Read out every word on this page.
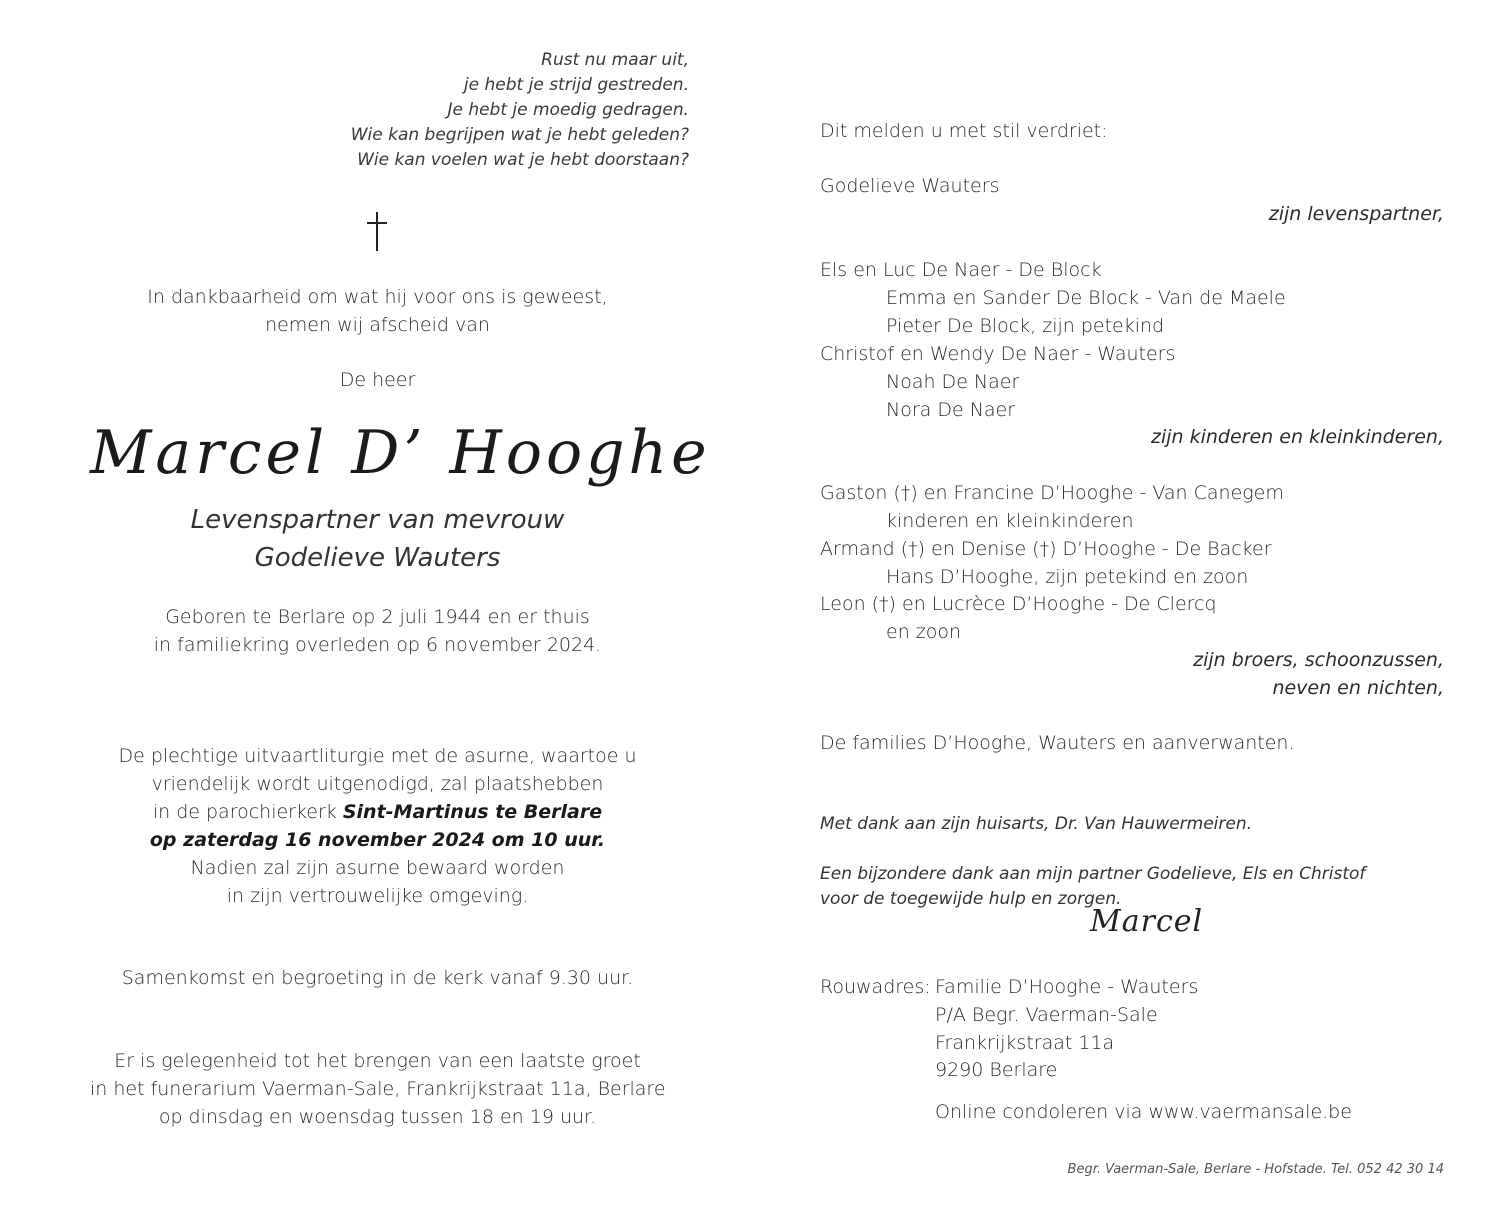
Rust nu maar uit,
je hebt je strijd gestreden.
Je hebt je moedig gedragen.
Wie kan begrijpen wat je hebt geleden?
Wie kan voelen wat je hebt doorstaan?
In dankbaarheid om wat hij voor ons is geweest,
nemen wij afscheid van
De heer
Marcel D’ Hooghe
Levenspartner van mevrouw
Godelieve Wauters
Geboren te Berlare op 2 juli 1944 en er thuis
in familiekring overleden op 6 november 2024.
De plechtige uitvaartliturgie met de asurne, waartoe u
vriendelijk wordt uitgenodigd, zal plaatshebben
in de parochierkerk Sint-Martinus te Berlare
op zaterdag 16 november 2024 om 10 uur.
Nadien zal zijn asurne bewaard worden
in zijn vertrouwelijke omgeving.
Samenkomst en begroeting in de kerk vanaf 9.30 uur.
Er is gelegenheid tot het brengen van een laatste groet
in het funerarium Vaerman-Sale, Frankrijkstraat 11a, Berlare
op dinsdag en woensdag tussen 18 en 19 uur.
Dit melden u met stil verdriet:
Godelieve Wauters
zijn levenspartner,
Els en Luc De Naer - De Block
Emma en Sander De Block - Van de Maele
Pieter De Block, zijn petekind
Christof en Wendy De Naer - Wauters
Noah De Naer
Nora De Naer
zijn kinderen en kleinkinderen,
Gaston (†) en Francine D’Hooghe - Van Canegem
kinderen en kleinkinderen
Armand (†) en Denise (†) D’Hooghe - De Backer
Hans D’Hooghe, zijn petekind en zoon
Leon (†) en Lucrèce D’Hooghe - De Clercq
en zoon
zijn broers, schoonzussen,
neven en nichten,
De families D’Hooghe, Wauters en aanverwanten.
Met dank aan zijn huisarts, Dr. Van Hauwermeiren.
Een bijzondere dank aan mijn partner Godelieve, Els en Christof
voor de toegewijde hulp en zorgen.
Marcel
Rouwadres: Familie D’Hooghe - Wauters
P/A Begr. Vaerman-Sale
Frankrijkstraat 11a
9290 Berlare
Online condoleren via www.vaermansale.be
Begr. Vaerman-Sale, Berlare - Hofstade. Tel. 052 42 30 14
